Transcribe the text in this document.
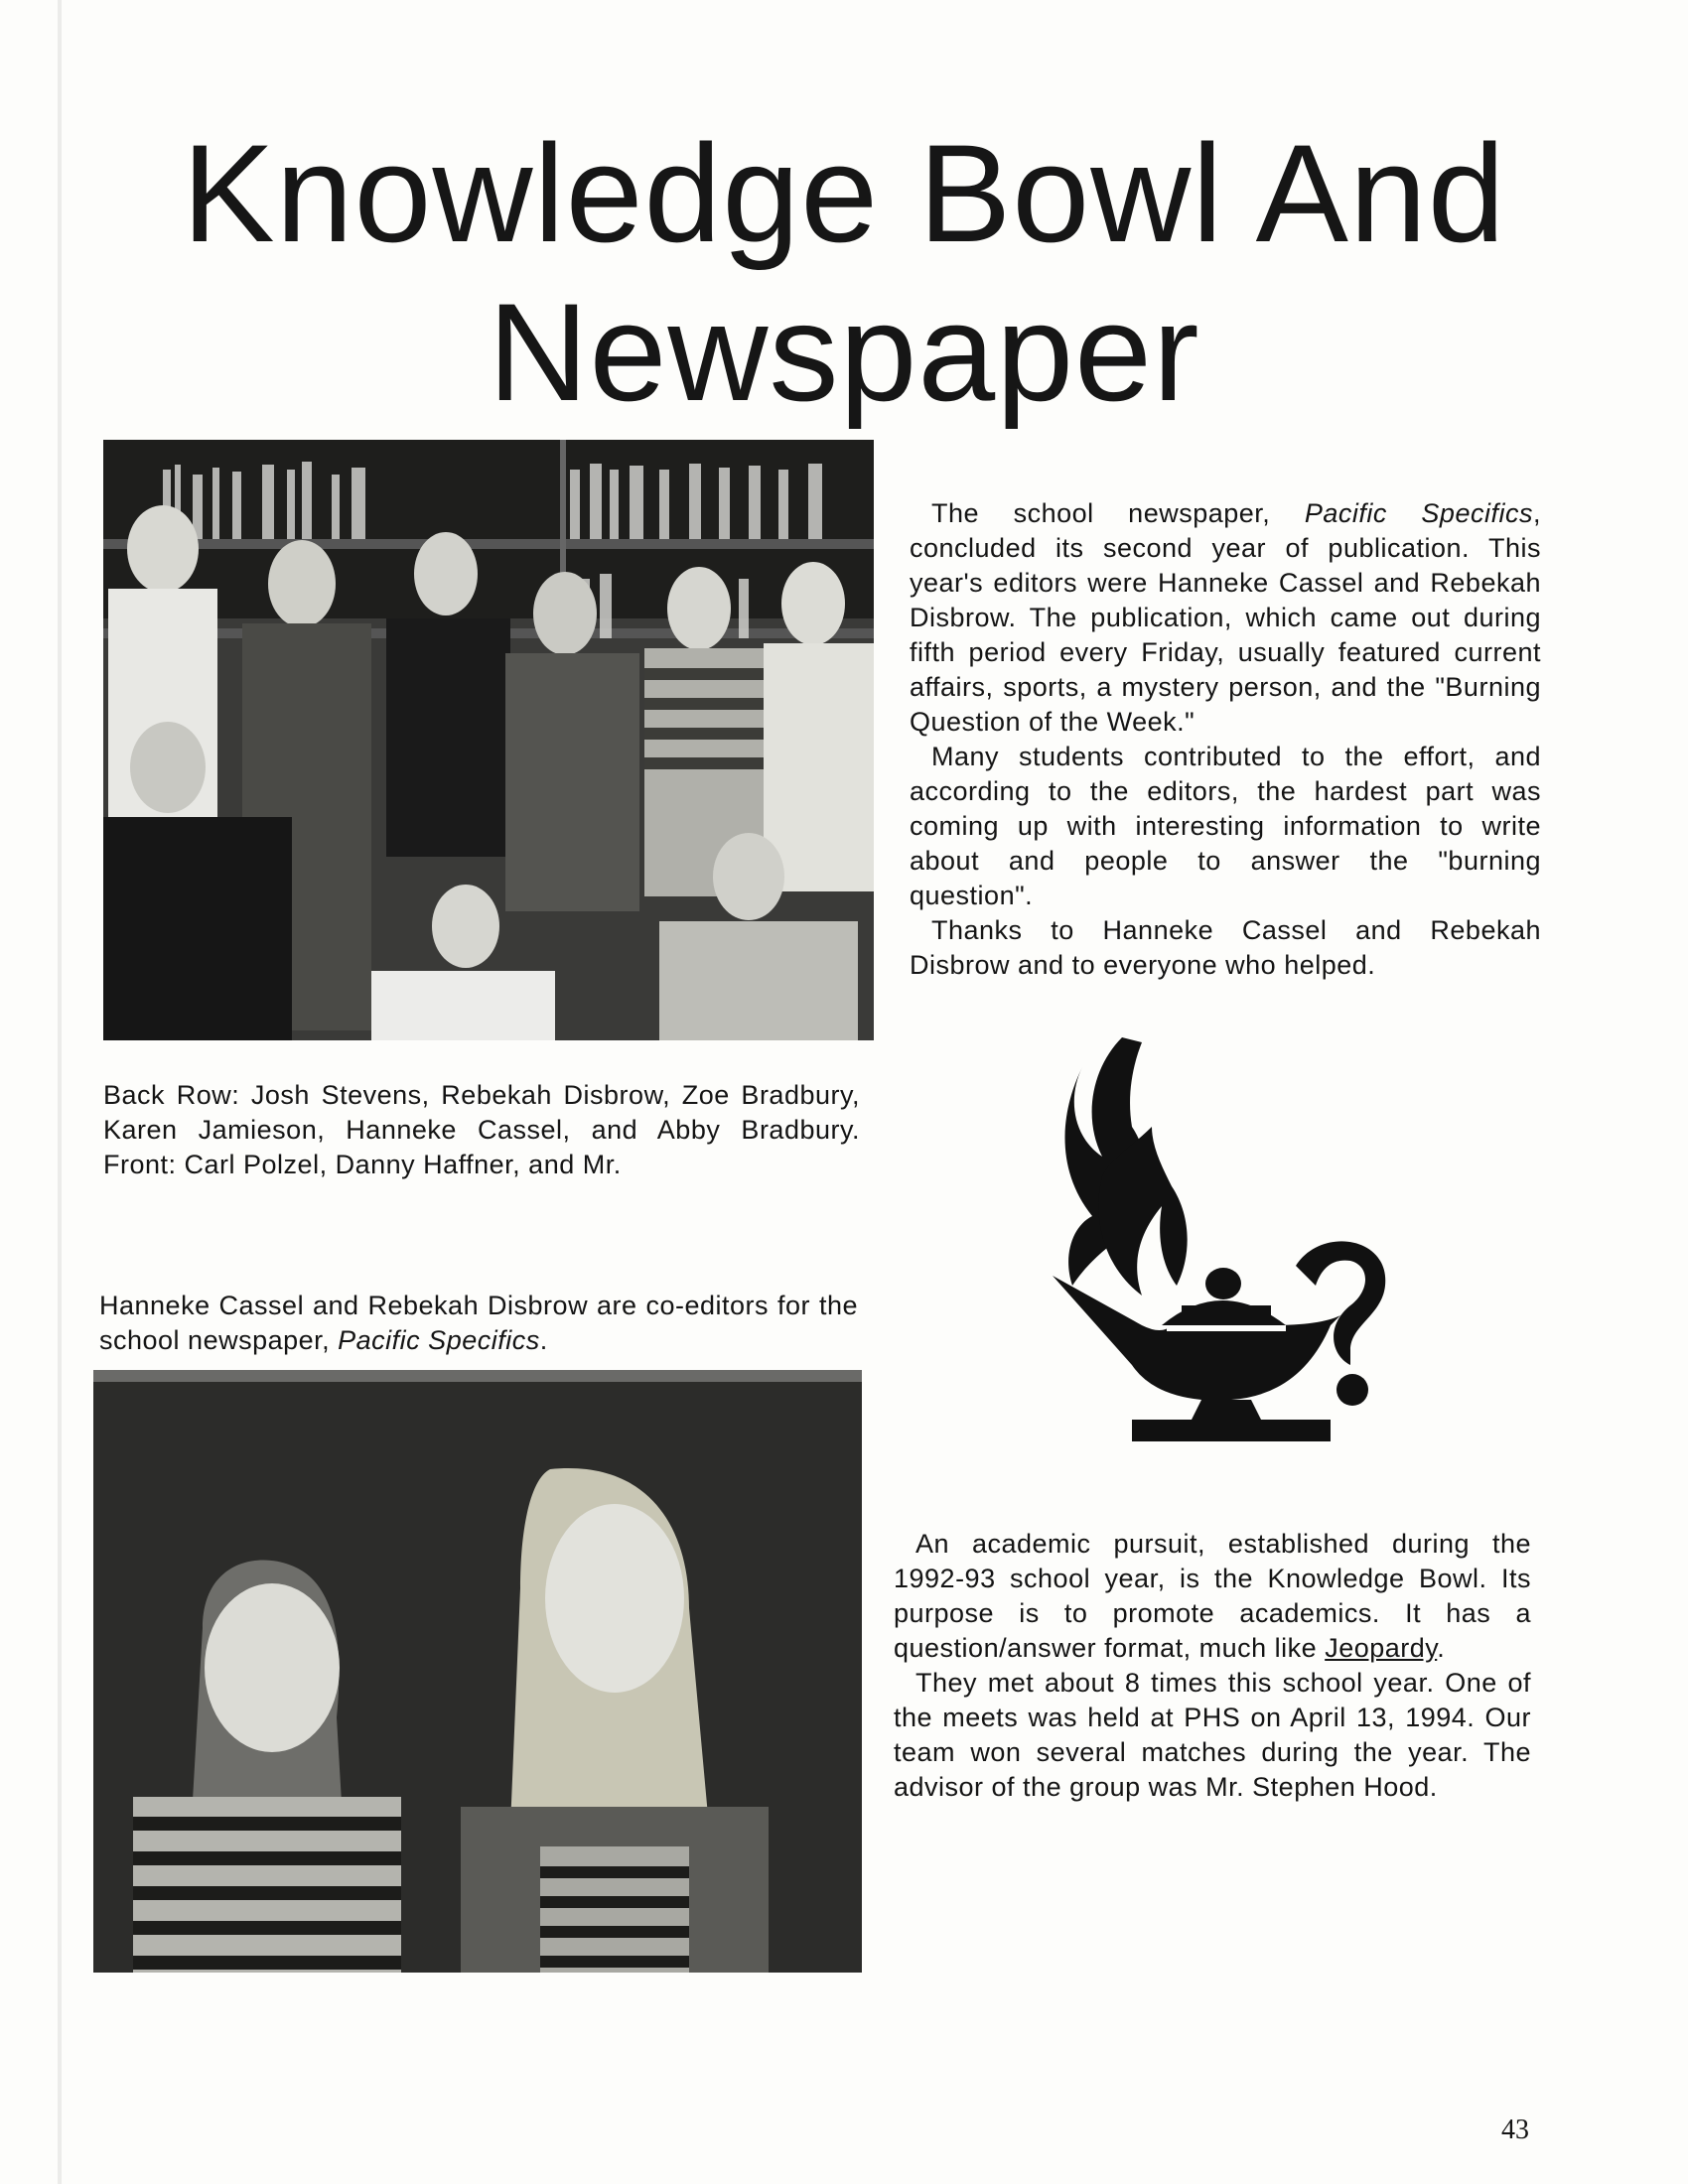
Knowledge Bowl And
Newspaper

The school newspaper, Pacific Specifics, concluded its second year of publication. This year's editors were Hanneke Cassel and Rebekah Disbrow. The publication, which came out during fifth period every Friday, usually featured current affairs, sports, a mystery person, and the "Burning Question of the Week."

Many students contributed to the effort, and according to the editors, the hardest part was coming up with interesting information to write about and people to answer the "burning question".

Thanks to Hanneke Cassel and Rebekah Disbrow and to everyone who helped.

Back Row: Josh Stevens, Rebekah Disbrow, Zoe Bradbury, Karen Jamieson, Hanneke Cassel, and Abby Bradbury. Front: Carl Polzel, Danny Haffner, and Mr.
Hanneke Cassel and Rebekah Disbrow are co-editors for the school newspaper, Pacific Specifics.

An academic pursuit, established during the 1992-93 school year, is the Knowledge Bowl. Its purpose is to promote academics. It has a question/answer format, much like Jeopardy.

They met about 8 times this school year. One of the meets was held at PHS on April 13, 1994. Our team won several matches during the year. The advisor of the group was Mr. Stephen Hood.

43
